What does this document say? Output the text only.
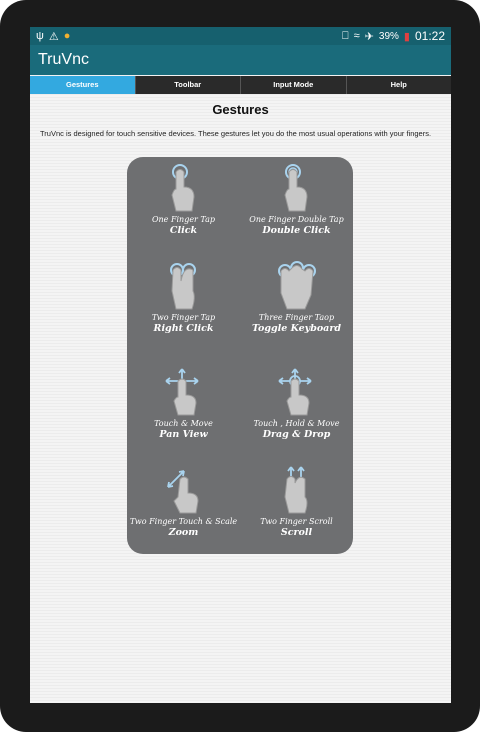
ψ ⚠ ●	⎕ ≈ ✈ 39% ▮ 01:22
TruVnc
Gestures	Toolbar	Input Mode	Help
Gestures
TruVnc is designed for touch sensitive devices. These gestures let you do the most usual operations with your fingers.
One Finger Tap
Click
One Finger Double Tap
Double Click
Two Finger Tap
Right Click
Three Finger Taop
Toggle Keyboard
Touch & Move
Pan View
Touch , Hold & Move
Drag & Drop
Two Finger Touch & Scale
Zoom
Two Finger Scroll
Scroll
